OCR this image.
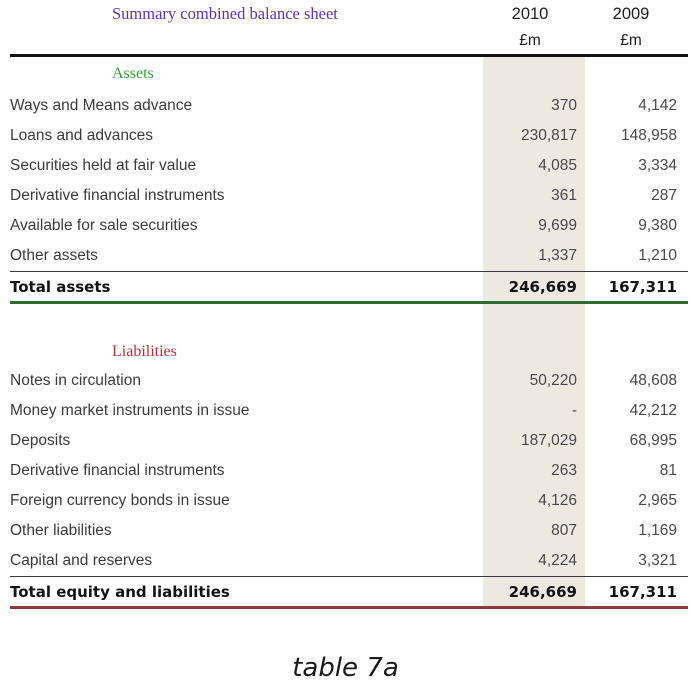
Summary combined balance sheet	2010	2009
£m	£m
Assets
Ways and Means advance	370	4,142
Loans and advances	230,817	148,958
Securities held at fair value	4,085	3,334
Derivative financial instruments	361	287
Available for sale securities	9,699	9,380
Other assets	1,337	1,210
Total assets	246,669	167,311
Liabilities
Notes in circulation	50,220	48,608
Money market instruments in issue	-	42,212
Deposits	187,029	68,995
Derivative financial instruments	263	81
Foreign currency bonds in issue	4,126	2,965
Other liabilities	807	1,169
Capital and reserves	4,224	3,321
Total equity and liabilities	246,669	167,311
table 7a
